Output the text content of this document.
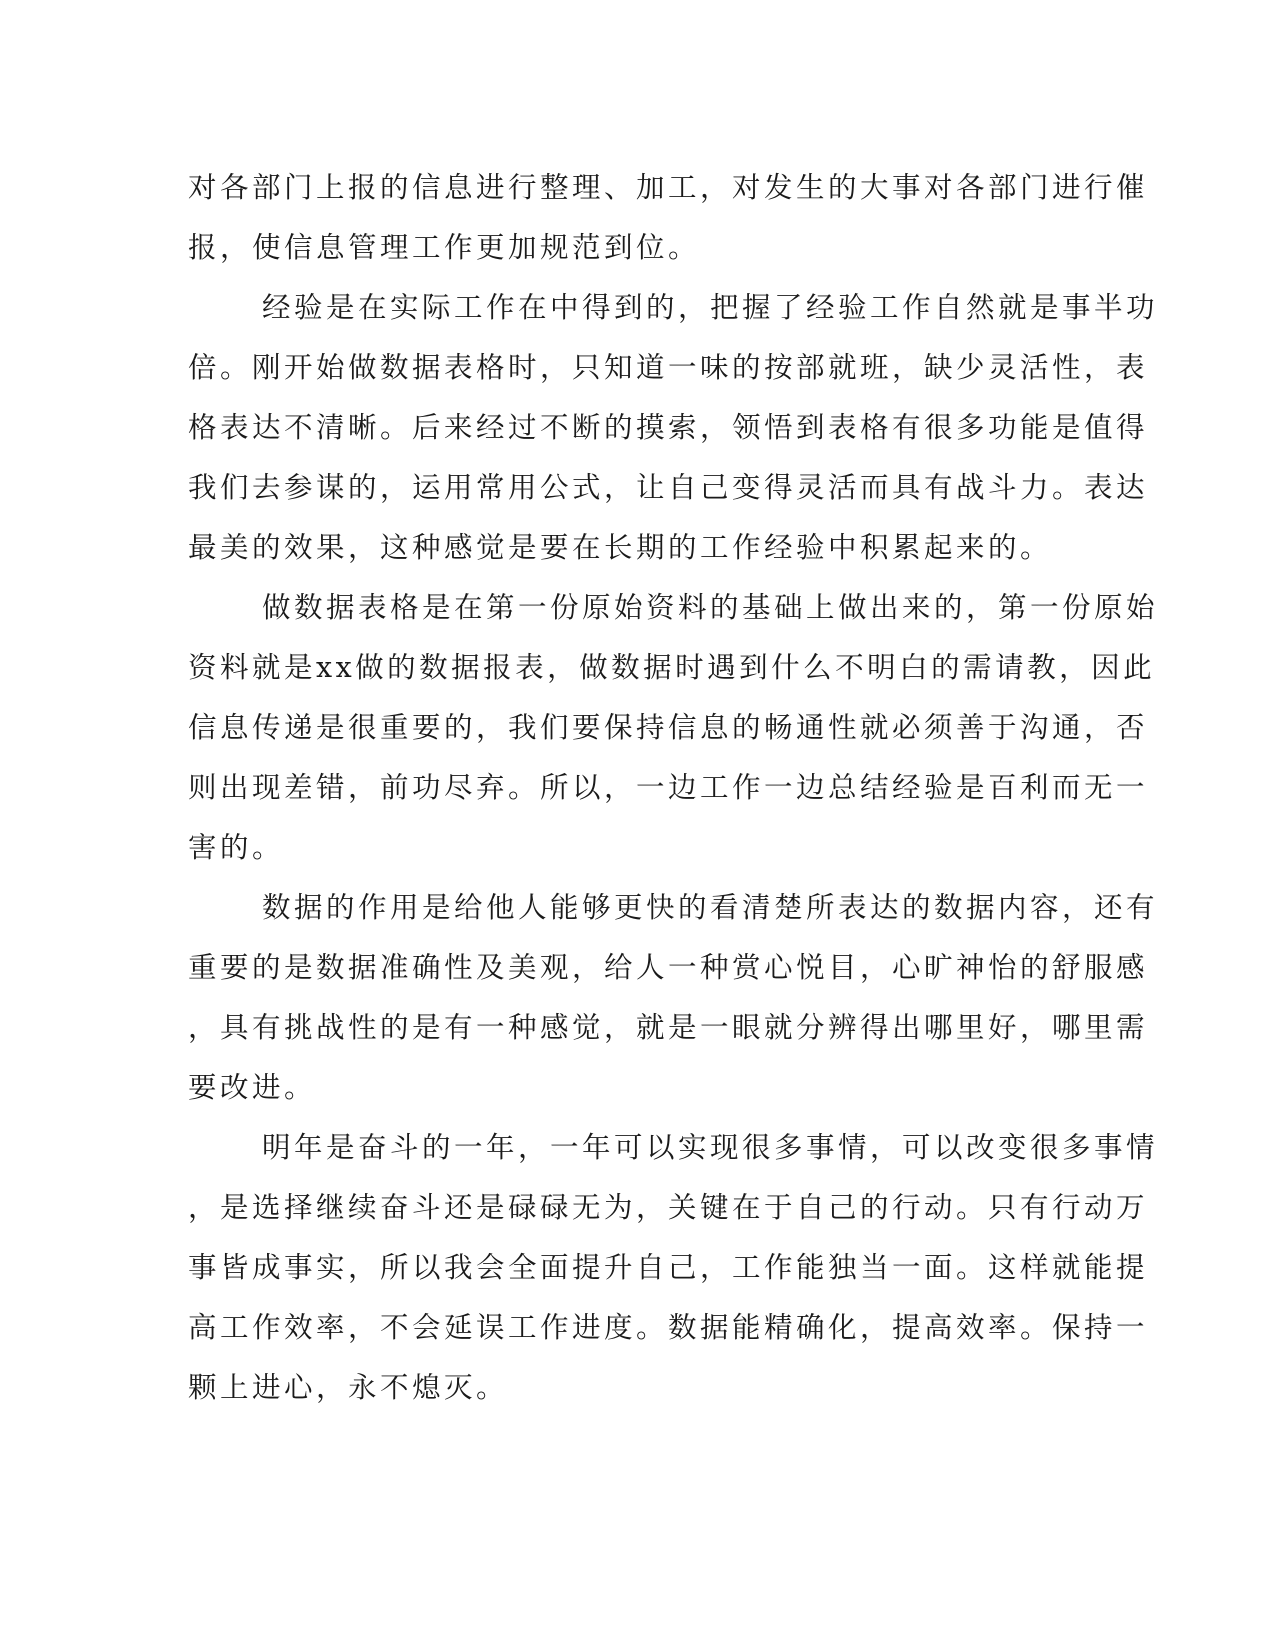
对各部门上报的信息进行整理、加工，对发生的大事对各部门进行催
报，使信息管理工作更加规范到位。
经验是在实际工作在中得到的，把握了经验工作自然就是事半功
倍。刚开始做数据表格时，只知道一味的按部就班，缺少灵活性，表
格表达不清晰。后来经过不断的摸索，领悟到表格有很多功能是值得
我们去参谋的，运用常用公式，让自己变得灵活而具有战斗力。表达
最美的效果，这种感觉是要在长期的工作经验中积累起来的。
做数据表格是在第一份原始资料的基础上做出来的，第一份原始
资料就是xx做的数据报表，做数据时遇到什么不明白的需请教，因此
信息传递是很重要的，我们要保持信息的畅通性就必须善于沟通，否
则出现差错，前功尽弃。所以，一边工作一边总结经验是百利而无一
害的。
数据的作用是给他人能够更快的看清楚所表达的数据内容，还有
重要的是数据准确性及美观，给人一种赏心悦目，心旷神怡的舒服感
，具有挑战性的是有一种感觉，就是一眼就分辨得出哪里好，哪里需
要改进。
明年是奋斗的一年，一年可以实现很多事情，可以改变很多事情
，是选择继续奋斗还是碌碌无为，关键在于自己的行动。只有行动万
事皆成事实，所以我会全面提升自己，工作能独当一面。这样就能提
高工作效率，不会延误工作进度。数据能精确化，提高效率。保持一
颗上进心，永不熄灭。
